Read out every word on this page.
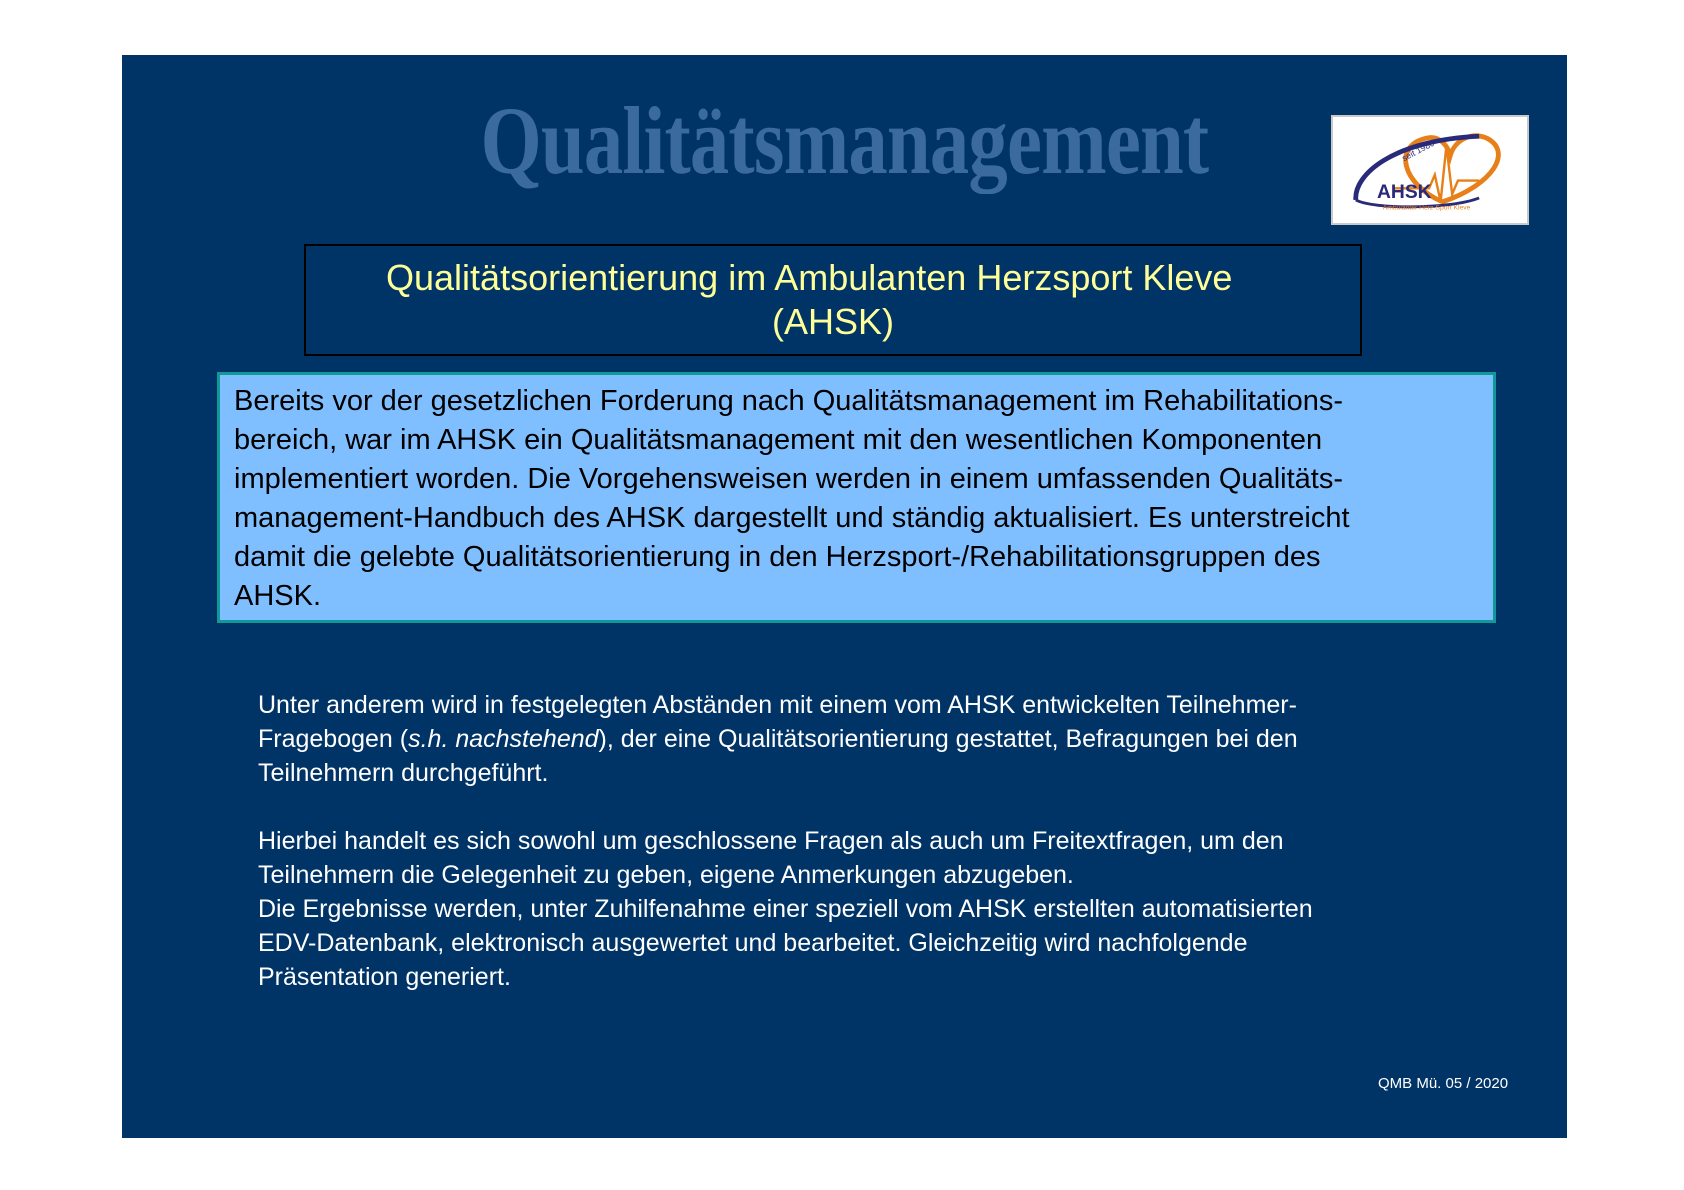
Qualitätsmanagement	seit 1980
AHSK
Ambulanter Herz-Sport Kleve
Qualitätsorientierung im Ambulanten Herzsport Kleve
(AHSK)
Bereits vor der gesetzlichen Forderung nach Qualitätsmanagement im Rehabilitations-
bereich, war im AHSK ein Qualitätsmanagement mit den wesentlichen Komponenten
implementiert worden. Die Vorgehensweisen werden in einem umfassenden Qualitäts-
management-Handbuch des AHSK dargestellt und ständig aktualisiert. Es unterstreicht
damit die gelebte Qualitätsorientierung in den Herzsport-/Rehabilitationsgruppen des
AHSK.
Unter anderem wird in festgelegten Abständen mit einem vom AHSK entwickelten Teilnehmer-
Fragebogen (s.h. nachstehend), der eine Qualitätsorientierung gestattet, Befragungen bei den
Teilnehmern durchgeführt.
Hierbei handelt es sich sowohl um geschlossene Fragen als auch um Freitextfragen, um den
Teilnehmern die Gelegenheit zu geben, eigene Anmerkungen abzugeben.
Die Ergebnisse werden, unter Zuhilfenahme einer speziell vom AHSK erstellten automatisierten
EDV-Datenbank, elektronisch ausgewertet und bearbeitet. Gleichzeitig wird nachfolgende
Präsentation generiert.
QMB Mü. 05 / 2020
